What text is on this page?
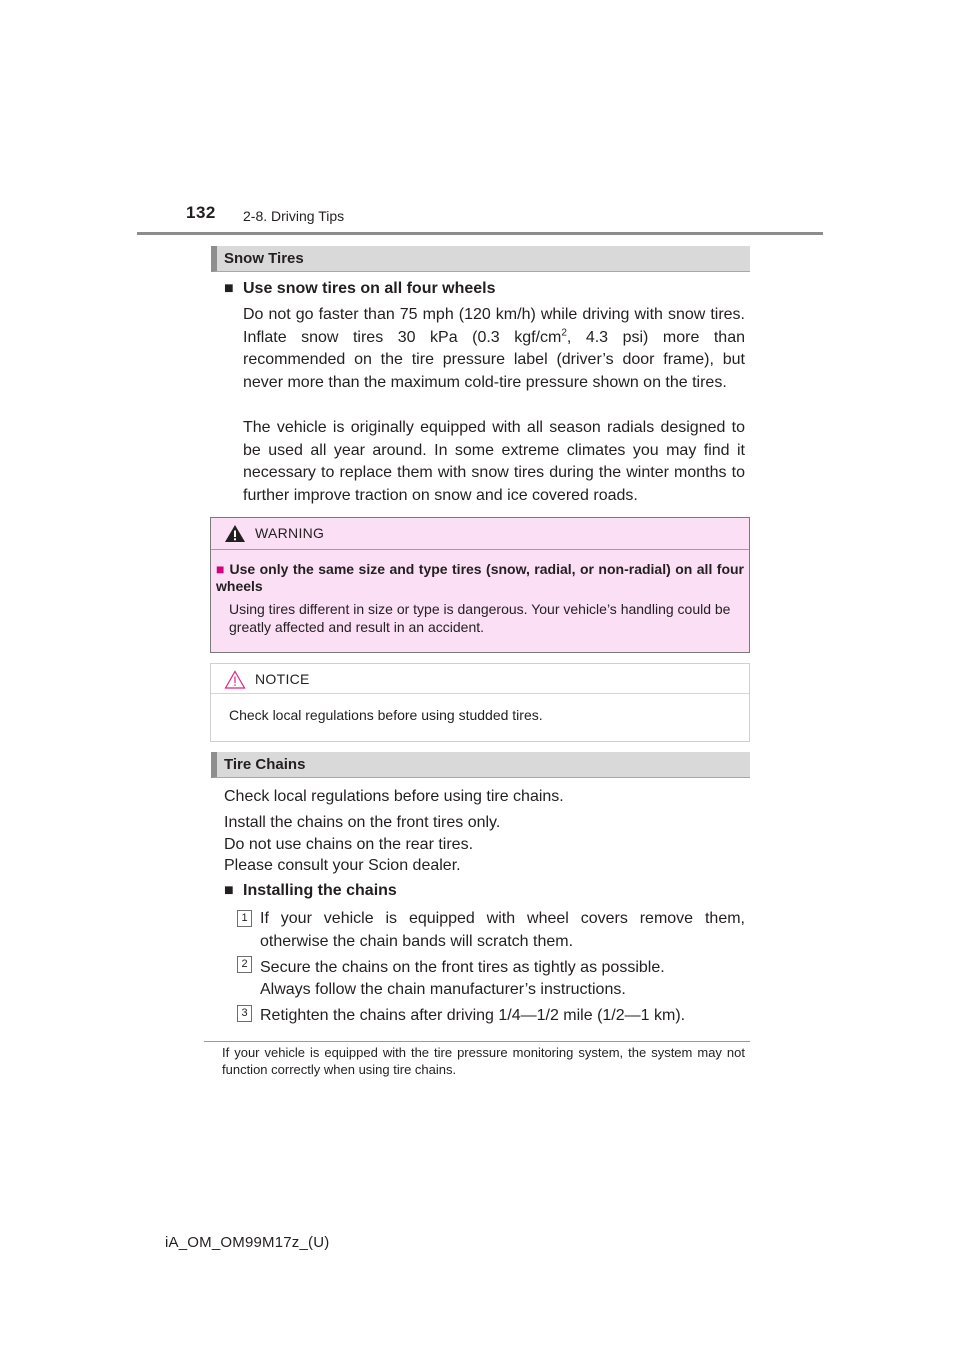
132 2-8. Driving Tips
Snow Tires
■ Use snow tires on all four wheels
Do not go faster than 75 mph (120 km/h) while driving with snow tires. Inflate snow tires 30 kPa (0.3 kgf/$cm^2$, 4.3 psi) more than recommended on the tire pressure label (driver’s door frame), but never more than the maximum cold-tire pressure shown on the tires.
The vehicle is originally equipped with all season radials designed to be used all year around. In some extreme climates you may find it necessary to replace them with snow tires during the winter months to further improve traction on snow and ice covered roads.
WARNING
■ Use only the same size and type tires (snow, radial, or non-radial) on all four wheels
Using tires different in size or type is dangerous. Your vehicle’s handling could be greatly affected and result in an accident.
NOTICE
Check local regulations before using studded tires.
Tire Chains
Check local regulations before using tire chains.
Install the chains on the front tires only.
Do not use chains on the rear tires.
Please consult your Scion dealer.
■ Installing the chains
1 If your vehicle is equipped with wheel covers remove them, otherwise the chain bands will scratch them.
2 Secure the chains on the front tires as tightly as possible.
Always follow the chain manufacturer’s instructions.
3 Retighten the chains after driving 1/4—1/2 mile (1/2—1 km).
If your vehicle is equipped with the tire pressure monitoring system, the system may not function correctly when using tire chains.
iA_OM_OM99M17z_(U)
